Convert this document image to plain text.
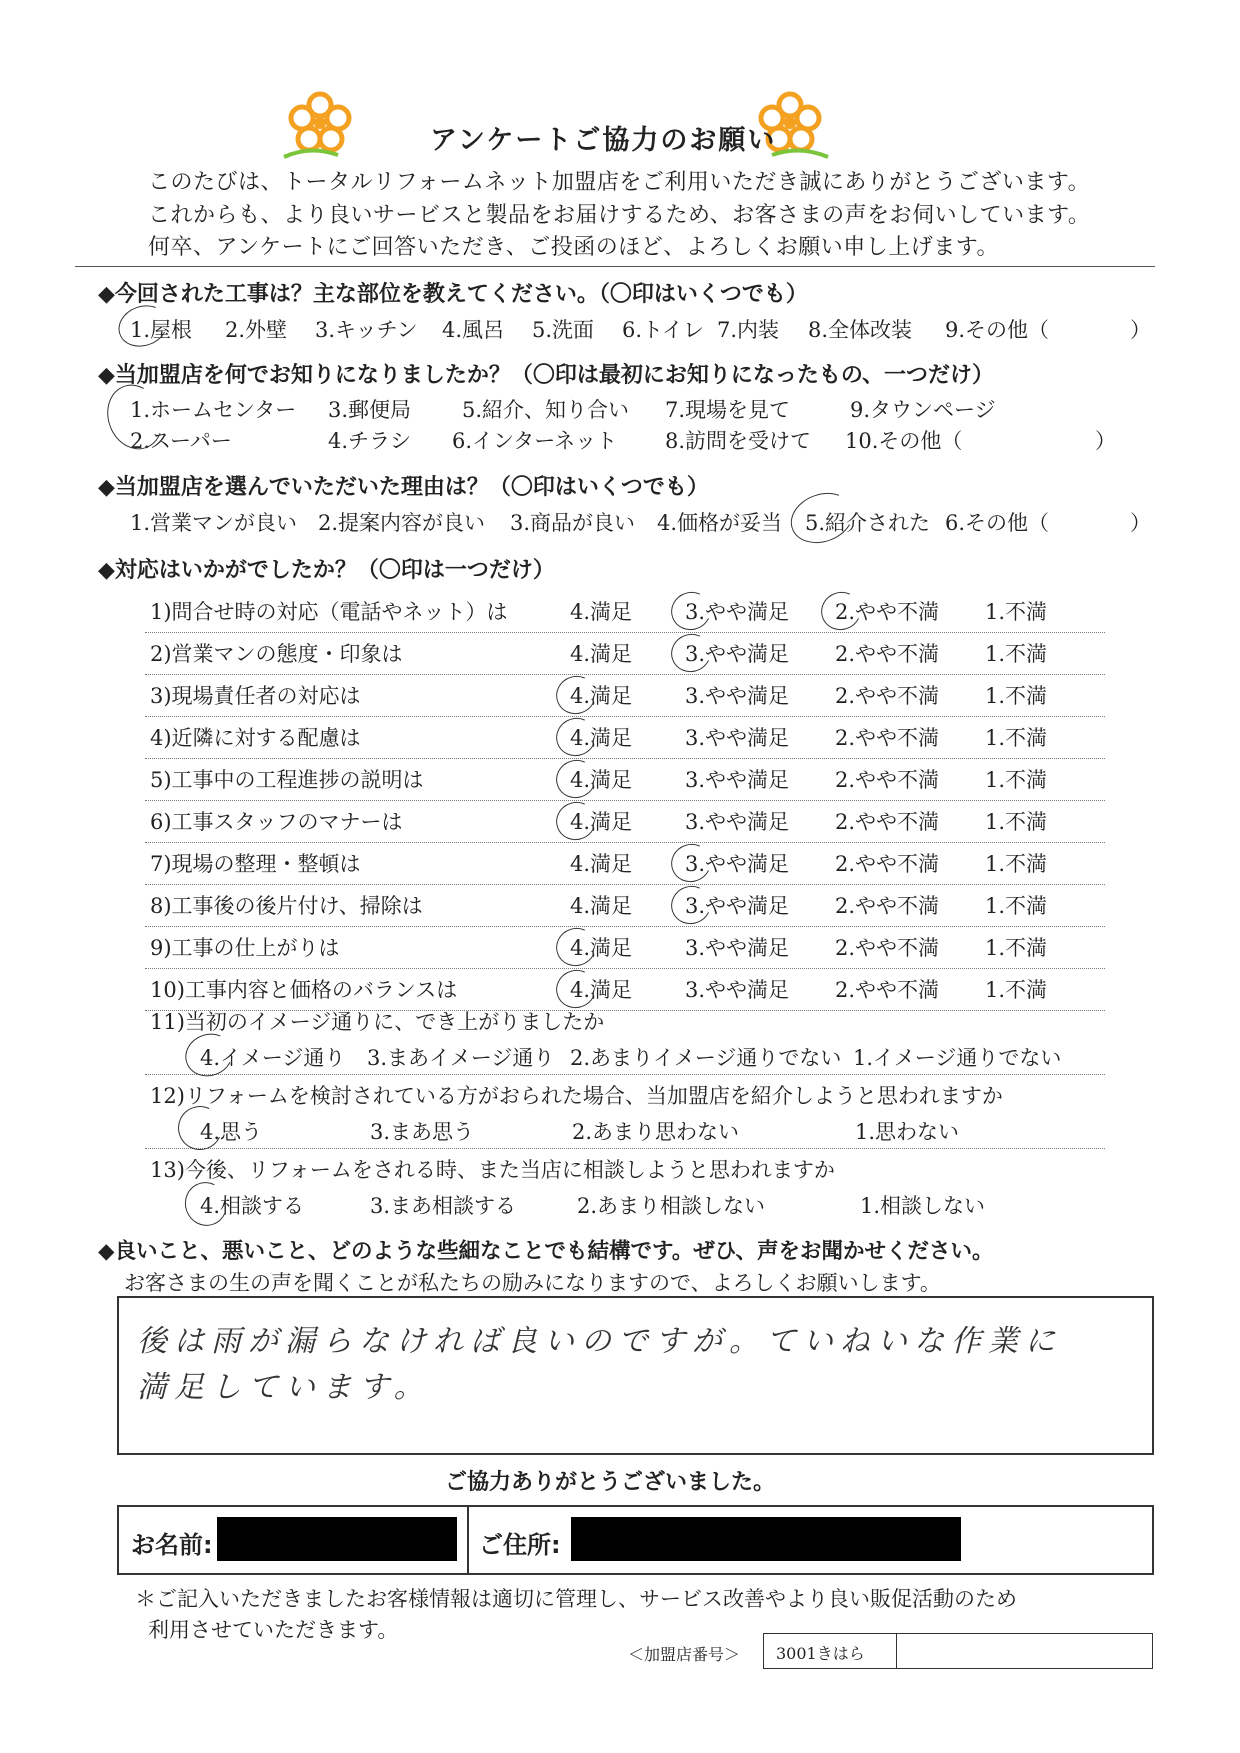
アンケートご協力のお願い
このたびは、トータルリフォームネット加盟店をご利用いただき誠にありがとうございます。
これからも、より良いサービスと製品をお届けするため、お客さまの声をお伺いしています。
何卒、アンケートにご回答いただき、ご投函のほど、よろしくお願い申し上げます。
◆今回された工事は？主な部位を教えてください。（〇印はいくつでも）
1.屋根 2.外壁 3.キッチン 4.風呂 5.洗面 6.トイレ 7.内装 8.全体改装 9.その他（	）
◆当加盟店を何でお知りになりましたか？（〇印は最初にお知りになったもの、一つだけ）
1.ホームセンター 3.郵便局 5.紹介、知り合い 7.現場を見て	9.タウンページ
2.スーパー	4.チラシ 6.インターネット 8.訪問を受けて 10.その他（	）
◆当加盟店を選んでいただいた理由は？（〇印はいくつでも）
1.営業マンが良い 2.提案内容が良い 3.商品が良い 4.価格が妥当 5.紹介された 6.その他（	）
◆対応はいかがでしたか？（〇印は一つだけ）
1)問合せ時の対応（電話やネット）は	4.満足	3.やや満足 2.やや不満 1.不満
2)営業マンの態度・印象は	4.満足	3.やや満足 2.やや不満 1.不満
3)現場責任者の対応は	4.満足	3.やや満足 2.やや不満 1.不満
4)近隣に対する配慮は	4.満足	3.やや満足 2.やや不満 1.不満
5)工事中の工程進捗の説明は	4.満足	3.やや満足 2.やや不満 1.不満
6)工事スタッフのマナーは	4.満足	3.やや満足 2.やや不満 1.不満
7)現場の整理・整頓は	4.満足	3.やや満足 2.やや不満 1.不満
8)工事後の後片付け、掃除は	4.満足	3.やや満足 2.やや不満 1.不満
9)工事の仕上がりは	4.満足	3.やや満足 2.やや不満 1.不満
10)工事内容と価格のバランスは	4.満足	3.やや満足 2.やや不満 1.不満
11)当初のイメージ通りに、でき上がりましたか
4.イメージ通り 3.まあイメージ通り 2.あまりイメージ通りでない 1.イメージ通りでない
12)リフォームを検討されている方がおられた場合、当加盟店を紹介しようと思われますか
4.思う	3.まあ思う	2.あまり思わない	1.思わない
13)今後、リフォームをされる時、また当店に相談しようと思われますか
4.相談する	3.まあ相談する	2.あまり相談しない	1.相談しない
◆良いこと、悪いこと、どのような些細なことでも結構です。ぜひ、声をお聞かせください。
お客さまの生の声を聞くことが私たちの励みになりますので、よろしくお願いします。
後は雨が漏らなければ良いのですが。ていねいな作業に
満足しています。
ご協力ありがとうございました。
お名前:	ご住所:
＊ご記入いただきましたお客様情報は適切に管理し、サービス改善やより良い販促活動のため
利用させていただきます。
＜加盟店番号＞ 3001きはら
